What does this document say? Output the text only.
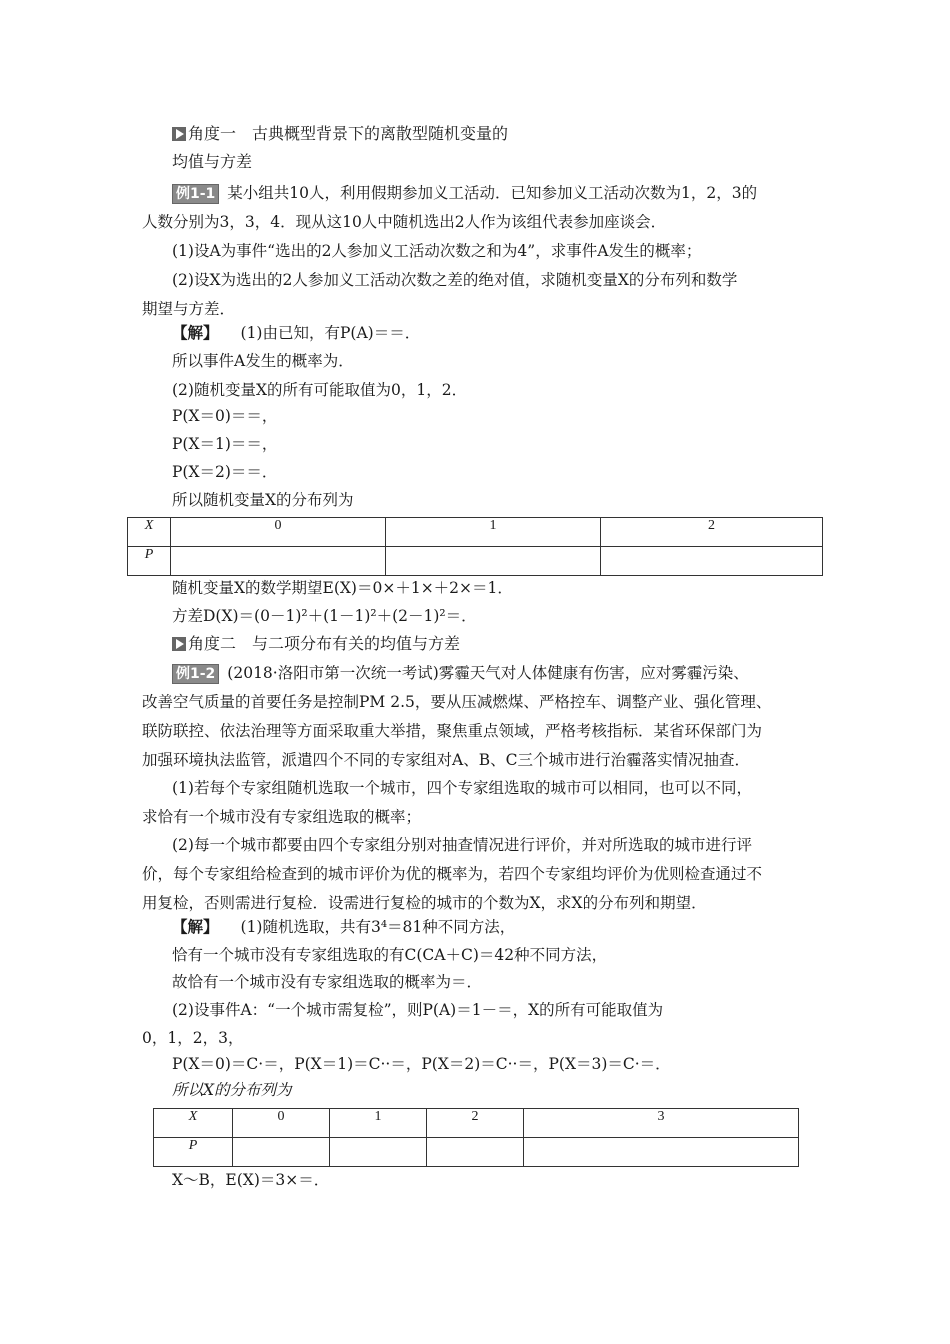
角度一　古典概型背景下的离散型随机变量的
均值与方差
例1-1 某小组共10人，利用假期参加义工活动．已知参加义工活动次数为1，2，3的
人数分别为3，3，4．现从这10人中随机选出2人作为该组代表参加座谈会．
(1)设A为事件“选出的2人参加义工活动次数之和为4”，求事件A发生的概率；
(2)设X为选出的2人参加义工活动次数之差的绝对值，求随机变量X的分布列和数学
期望与方差．
【解】 (1)由已知，有P(A)＝＝．
所以事件A发生的概率为．
(2)随机变量X的所有可能取值为0，1，2．
P(X＝0)＝＝，
P(X＝1)＝＝，
P(X＝2)＝＝．
所以随机变量X的分布列为
X	0	1	2
P			
随机变量X的数学期望E(X)＝0×＋1×＋2×＝1．
方差D(X)＝(0－1)²＋(1－1)²＋(2－1)²＝．
角度二　与二项分布有关的均值与方差
例1-2 (2018·洛阳市第一次统一考试)雾霾天气对人体健康有伤害，应对雾霾污染、
改善空气质量的首要任务是控制PM 2.5，要从压减燃煤、严格控车、调整产业、强化管理、
联防联控、依法治理等方面采取重大举措，聚焦重点领域，严格考核指标．某省环保部门为
加强环境执法监管，派遣四个不同的专家组对A、B、C三个城市进行治霾落实情况抽查．
(1)若每个专家组随机选取一个城市，四个专家组选取的城市可以相同，也可以不同，
求恰有一个城市没有专家组选取的概率；
(2)每一个城市都要由四个专家组分别对抽查情况进行评价，并对所选取的城市进行评
价，每个专家组给检查到的城市评价为优的概率为，若四个专家组均评价为优则检查通过不
用复检，否则需进行复检．设需进行复检的城市的个数为X，求X的分布列和期望．
【解】 (1)随机选取，共有3⁴＝81种不同方法，
恰有一个城市没有专家组选取的有C(CA＋C)＝42种不同方法，
故恰有一个城市没有专家组选取的概率为＝．
(2)设事件A：“一个城市需复检”，则P(A)＝1－＝，X的所有可能取值为
0，1，2，3，
P(X＝0)＝C·＝，P(X＝1)＝C··＝，P(X＝2)＝C··＝，P(X＝3)＝C·＝．
所以X的分布列为
X	0	1	2	3
P				
X～B，E(X)＝3×＝．
